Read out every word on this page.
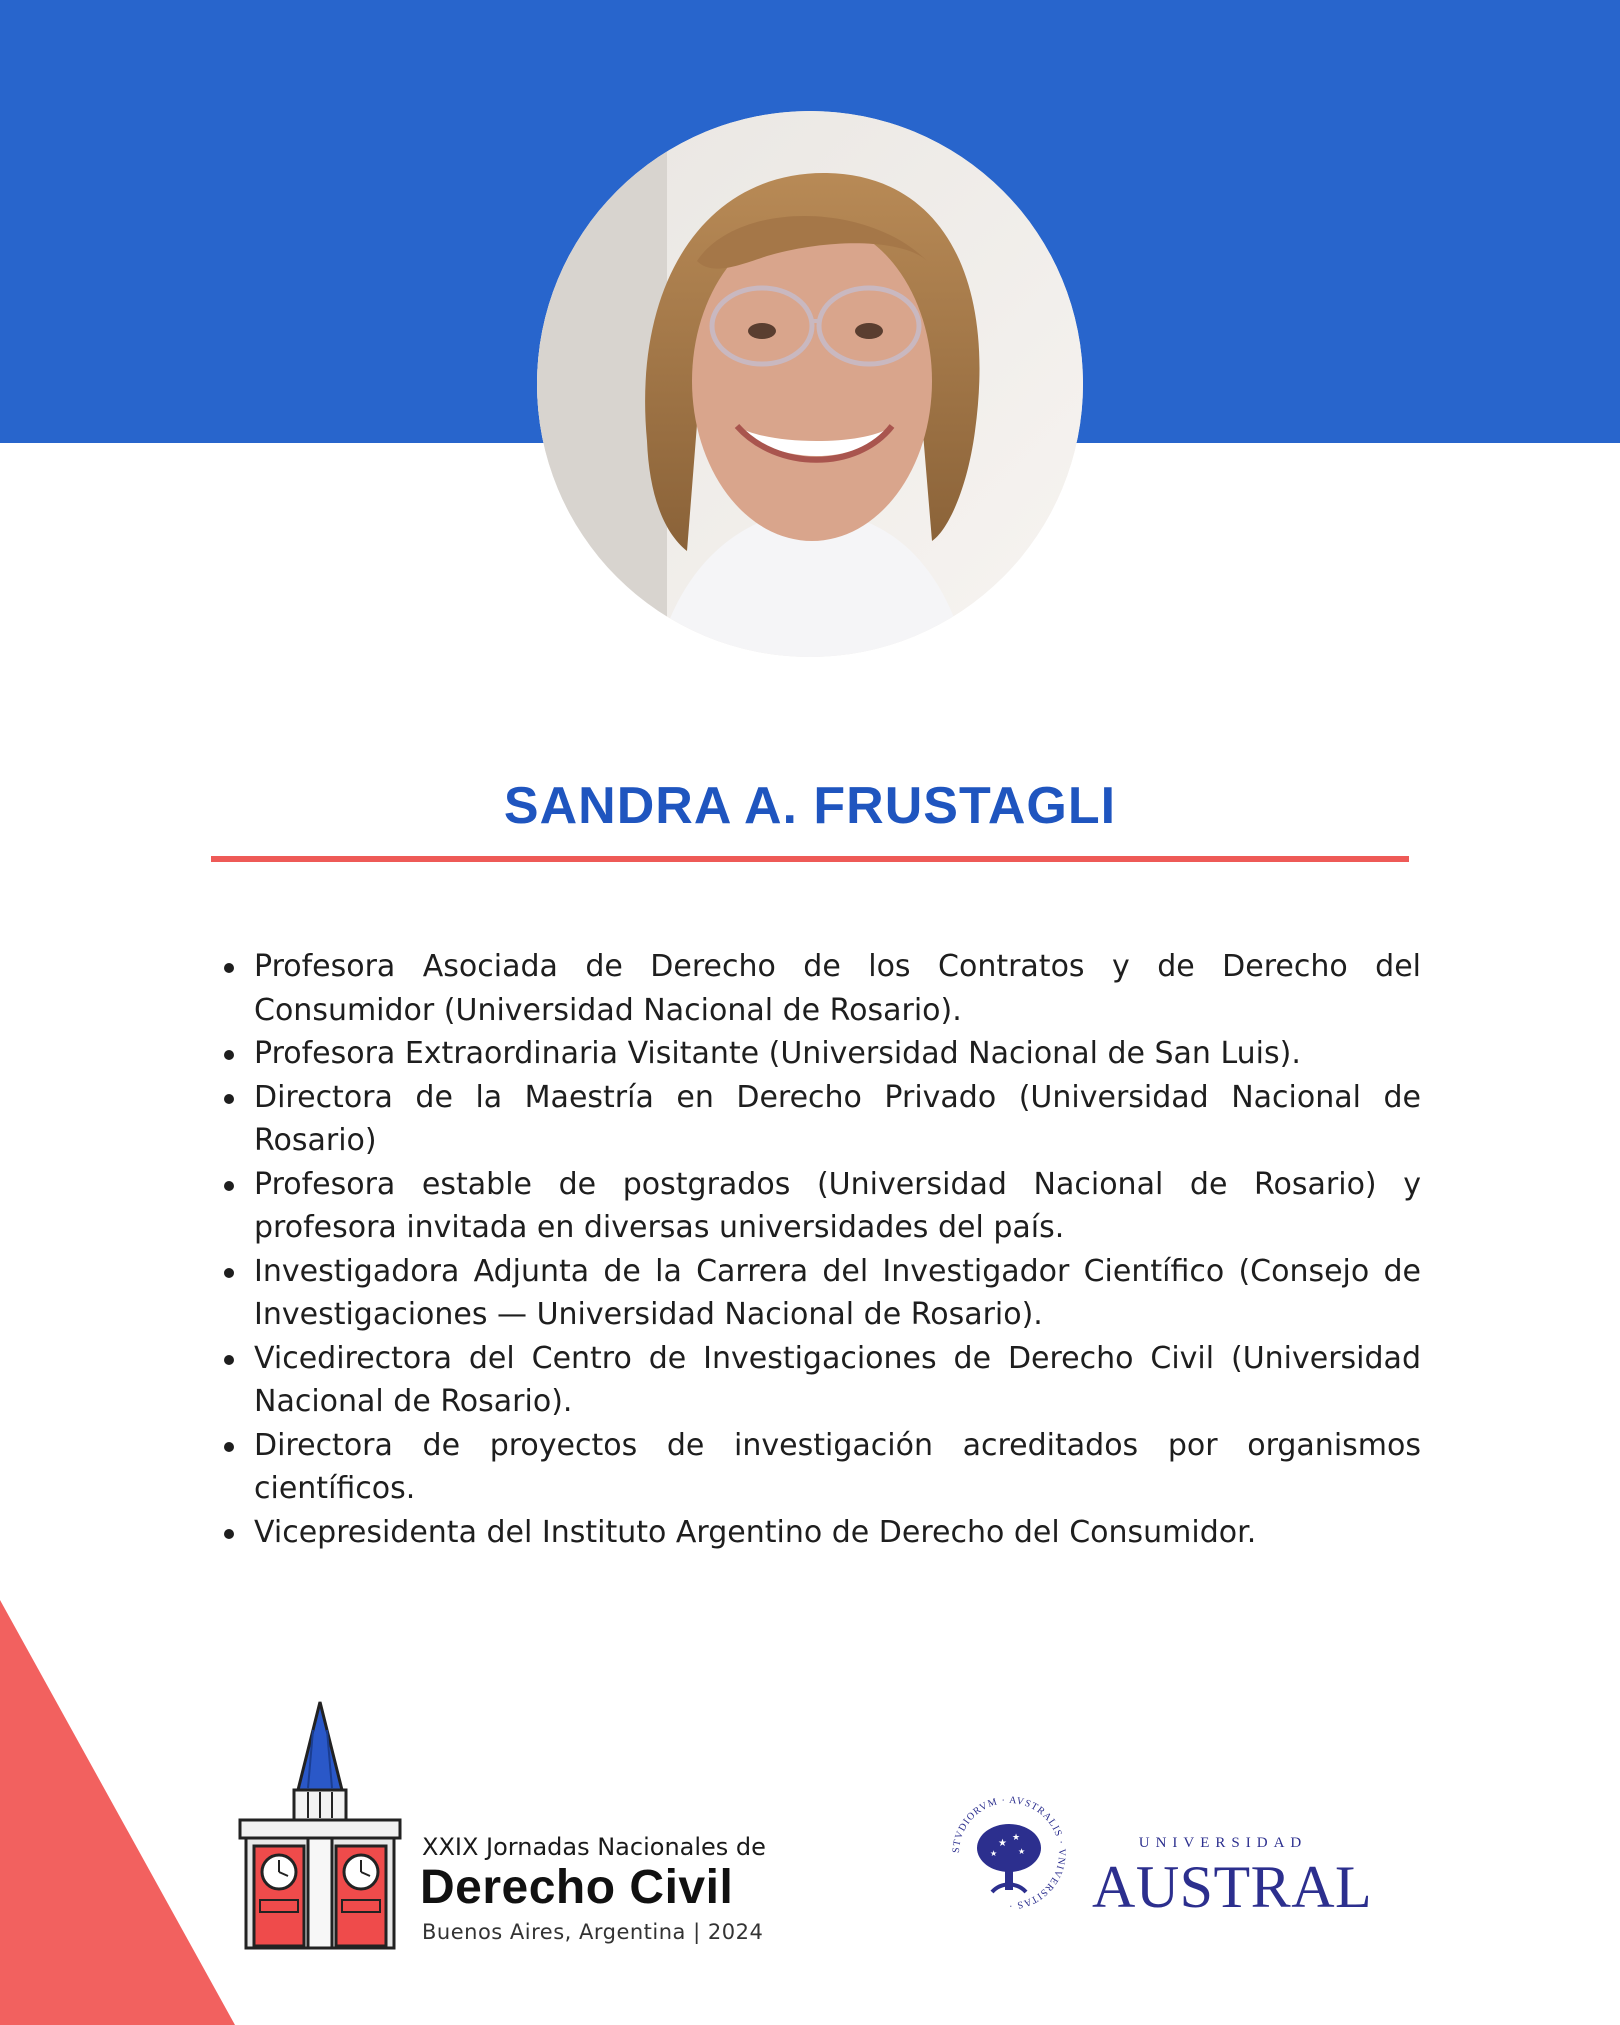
SANDRA A. FRUSTAGLI
Profesora Asociada de Derecho de los Contratos y de Derecho del Consumidor (Universidad Nacional de Rosario).
Profesora Extraordinaria Visitante (Universidad Nacional de San Luis).
Directora de la Maestría en Derecho Privado (Universidad Nacional de Rosario)
Profesora estable de postgrados (Universidad Nacional de Rosario) y profesora invitada en diversas universidades del país.
Investigadora Adjunta de la Carrera del Investigador Científico (Consejo de Investigaciones — Universidad Nacional de Rosario).
Vicedirectora del Centro de Investigaciones de Derecho Civil (Universidad Nacional de Rosario).
Directora de proyectos de investigación acreditados por organismos científicos.
Vicepresidenta del Instituto Argentino de Derecho del Consumidor.
XXIX Jornadas Nacionales de
Derecho Civil
Buenos Aires, Argentina | 2024
STVDIORVM · AVSTRALIS · VNIVERSITAS ·
★
★
★
★
UNIVERSIDAD
AUSTRAL
